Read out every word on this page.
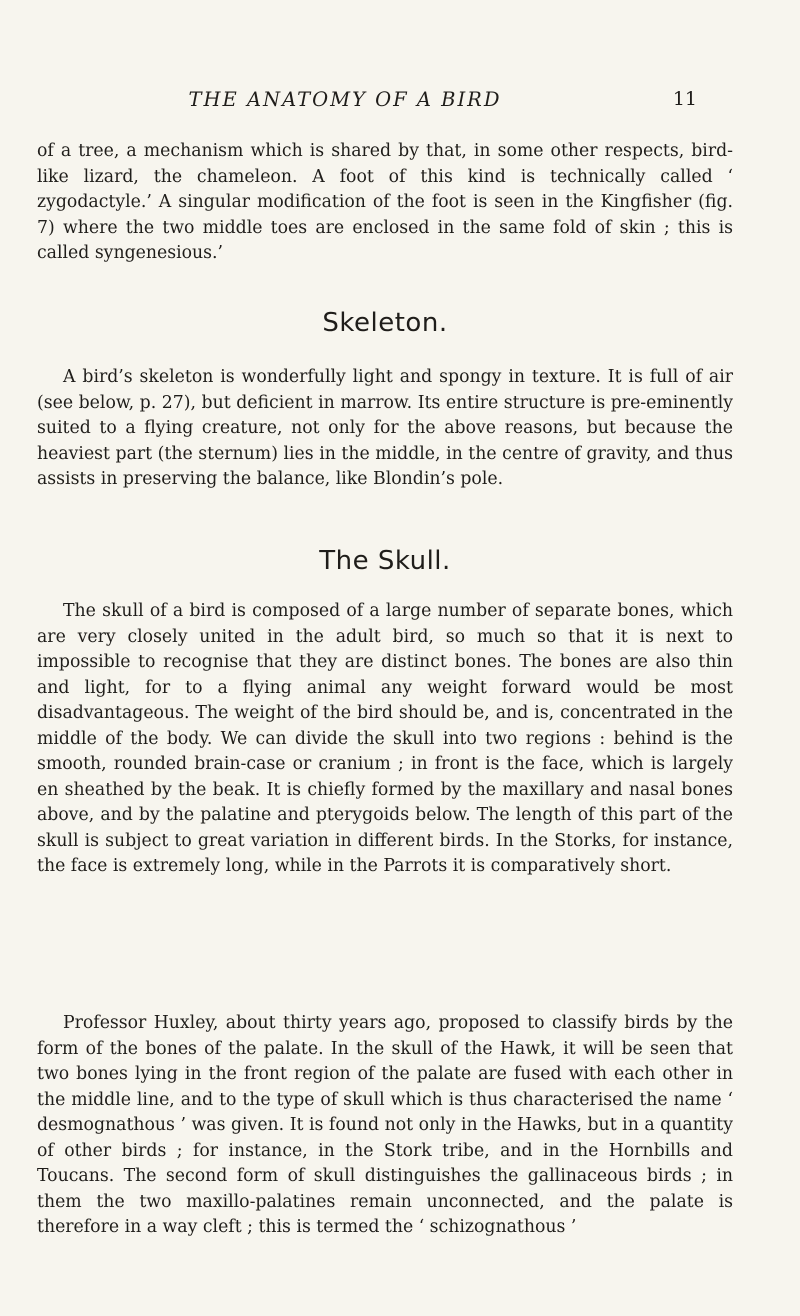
THE ANATOMY OF A BIRD	11

of a tree, a mechanism which is shared by that, in some other respects, bird-like lizard, the chameleon. A foot of this kind is technically called ‘ zygodactyle.’ A singular modification of the foot is seen in the Kingfisher (fig. 7) where the two middle toes are enclosed in the same fold of skin ; this is called syngenesious.’

Skeleton.

A bird’s skeleton is wonderfully light and spongy in texture. It is full of air (see below, p. 27), but deficient in marrow. Its entire structure is pre-eminently suited to a flying creature, not only for the above reasons, but because the heaviest part (the sternum) lies in the middle, in the centre of gravity, and thus assists in preserving the balance, like Blondin’s pole.

The Skull.

The skull of a bird is composed of a large number of separate bones, which are very closely united in the adult bird, so much so that it is next to impossible to recognise that they are distinct bones. The bones are also thin and light, for to a flying animal any weight forward would be most disadvantageous. The weight of the bird should be, and is, concentrated in the middle of the body. We can divide the skull into two regions : behind is the smooth, rounded brain-case or cranium ; in front is the face, which is largely en sheathed by the beak. It is chiefly formed by the maxillary and nasal bones above, and by the palatine and pterygoids below. The length of this part of the skull is subject to great variation in different birds. In the Storks, for instance, the face is extremely long, while in the Parrots it is comparatively short.

Professor Huxley, about thirty years ago, proposed to classify birds by the form of the bones of the palate. In the skull of the Hawk, it will be seen that two bones lying in the front region of the palate are fused with each other in the middle line, and to the type of skull which is thus characterised the name ‘ desmognathous ’ was given. It is found not only in the Hawks, but in a quantity of other birds ; for instance, in the Stork tribe, and in the Hornbills and Toucans. The second form of skull distinguishes the gallinaceous birds ; in them the two maxillo-palatines remain unconnected, and the palate is therefore in a way cleft ; this is termed the ‘ schizognathous ’
